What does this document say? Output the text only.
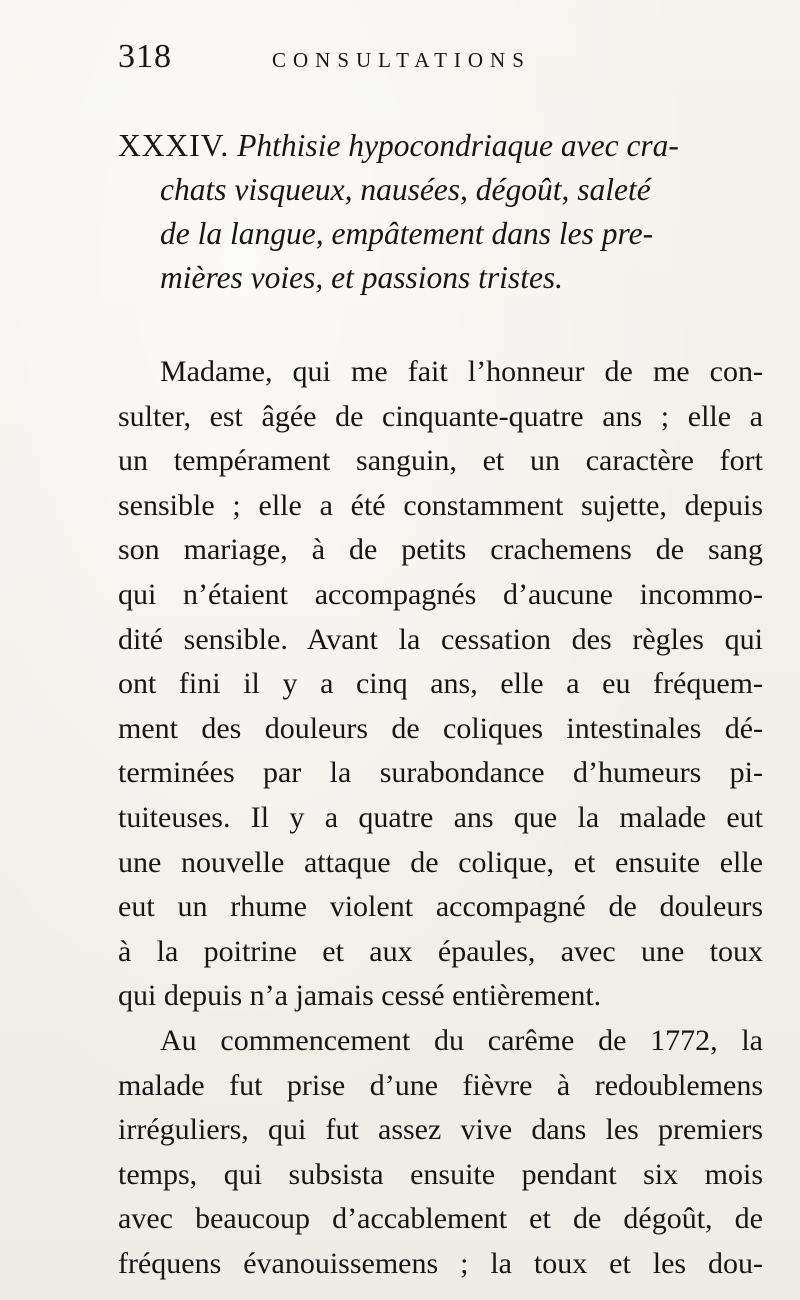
318	CONSULTATIONS
XXXIV. Phthisie hypocondriaque avec cra-
chats visqueux, nausées, dégoût, saleté
de la langue, empâtement dans les pre-
mières voies, et passions tristes.
Madame, qui me fait l’honneur de me con-
sulter, est âgée de cinquante-quatre ans ; elle a
un tempérament sanguin, et un caractère fort
sensible ; elle a été constamment sujette, depuis
son mariage, à de petits crachemens de sang
qui n’étaient accompagnés d’aucune incommo-
dité sensible. Avant la cessation des règles qui
ont fini il y a cinq ans, elle a eu fréquem-
ment des douleurs de coliques intestinales dé-
terminées par la surabondance d’humeurs pi-
tuiteuses. Il y a quatre ans que la malade eut
une nouvelle attaque de colique, et ensuite elle
eut un rhume violent accompagné de douleurs
à la poitrine et aux épaules, avec une toux
qui depuis n’a jamais cessé entièrement.
Au commencement du carême de 1772, la
malade fut prise d’une fièvre à redoublemens
irréguliers, qui fut assez vive dans les premiers
temps, qui subsista ensuite pendant six mois
avec beaucoup d’accablement et de dégoût, de
fréquens évanouissemens ; la toux et les dou-
